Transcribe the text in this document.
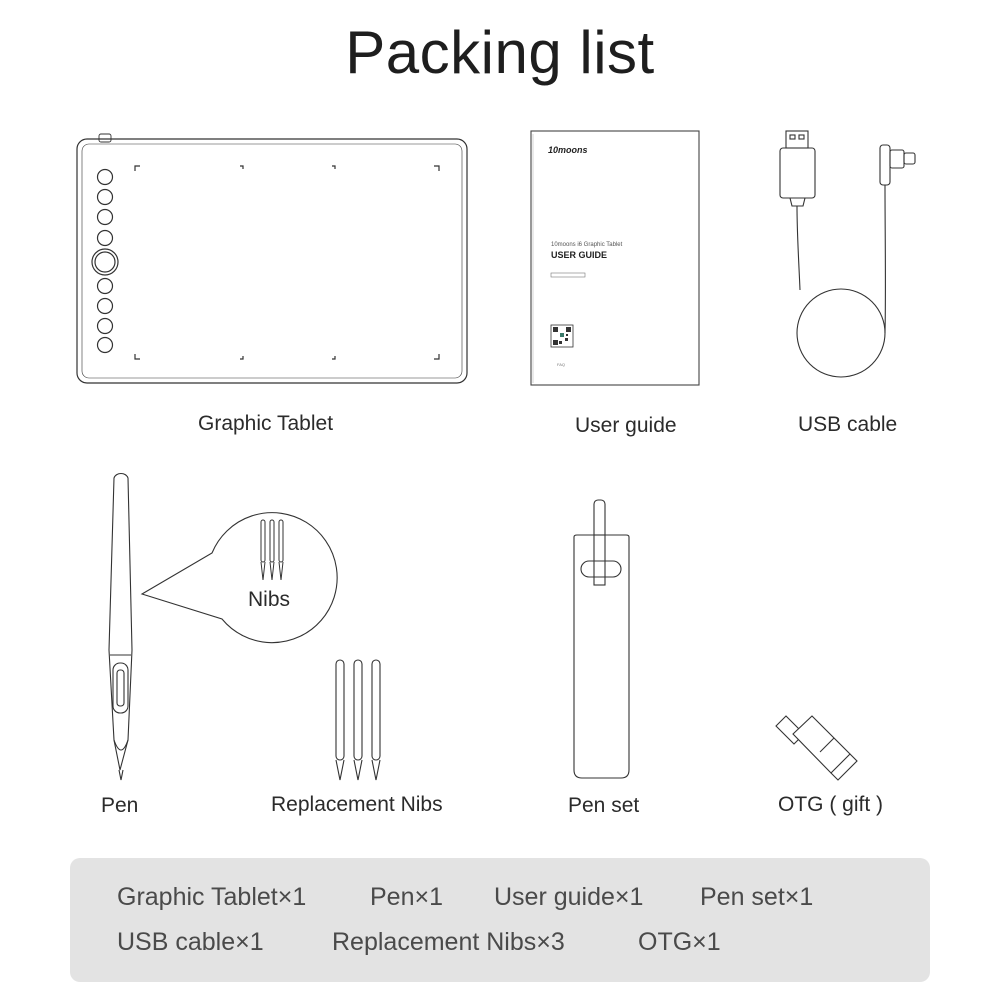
Packing list
10moons
10moons i6 Graphic Tablet
USER GUIDE
FAQ
Graphic Tablet	User guide	USB cable
Nibs
Pen	Replacement Nibs	Pen set	OTG ( gift )
Graphic Tablet×1	Pen×1 User guide×1 Pen set×1
USB cable×1	Replacement Nibs×3	OTG×1
